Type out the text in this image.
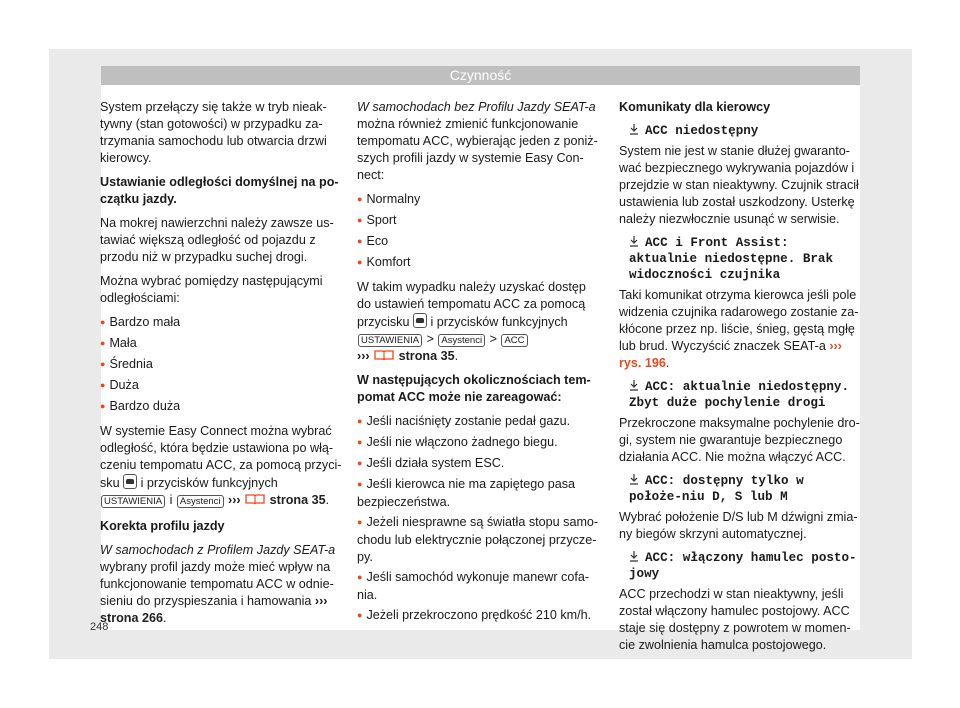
Czynność

System przełączy się także w tryb nieak-tywny (stan gotowości) w przypadku za-trzymania samochodu lub otwarcia drzwi kierowcy.

Ustawianie odległości domyślnej na po-czątku jazdy.

Na mokrej nawierzchni należy zawsze us-tawiać większą odległość od pojazdu z przodu niż w przypadku suchej drogi.

Można wybrać pomiędzy następującymi odległościami:

● Bardzo mała

● Mała

● Średnia

● Duża

● Bardzo duża

W systemie Easy Connect można wybrać odległość, która będzie ustawiona po włą-czeniu tempomatu ACC, za pomocą przyci-sku i przycisków funkcyjnych USTAWIENIA i Asystenci ››› strona 35.

Korekta profilu jazdy

W samochodach z Profilem Jazdy SEAT-a wybrany profil jazdy może mieć wpływ na funkcjonowanie tempomatu ACC w odnie-sieniu do przyspieszania i hamowania ››› strona 266.

W samochodach bez Profilu Jazdy SEAT-a można również zmienić funkcjonowanie tempomatu ACC, wybierając jeden z poniż-szych profili jazdy w systemie Easy Con-nect:

● Normalny

● Sport

● Eco

● Komfort

W takim wypadku należy uzyskać dostęp do ustawień tempomatu ACC za pomocą przycisku i przycisków funkcyjnych USTAWIENIA > Asystenci > ACC
››› strona 35.

W następujących okolicznościach tem-pomat ACC może nie zareagować:

● Jeśli naciśnięty zostanie pedał gazu.

● Jeśli nie włączono żadnego biegu.

● Jeśli działa system ESC.

● Jeśli kierowca nie ma zapiętego pasa bezpieczeństwa.

● Jeżeli niesprawne są światła stopu samo-chodu lub elektrycznie połączonej przycze-py.

● Jeśli samochód wykonuje manewr cofa-nia.

● Jeżeli przekroczono prędkość 210 km/h.

Komunikaty dla kierowcy

ACC niedostępny

System nie jest w stanie dłużej gwaranto-wać bezpiecznego wykrywania pojazdów i przejdzie w stan nieaktywny. Czujnik stracił ustawienia lub został uszkodzony. Usterkę należy niezwłocznie usunąć w serwisie.

ACC i Front Assist: aktualnie niedostępne. Brak widoczności czujnika

Taki komunikat otrzyma kierowca jeśli pole widzenia czujnika radarowego zostanie za-kłócone przez np. liście, śnieg, gęstą mgłę lub brud. Wyczyścić znaczek SEAT-a ››› rys. 196.

ACC: aktualnie niedostępny. Zbyt duże pochylenie drogi

Przekroczone maksymalne pochylenie dro-gi, system nie gwarantuje bezpiecznego działania ACC. Nie można włączyć ACC.

ACC: dostępny tylko w położe-niu D, S lub M

Wybrać położenie D/S lub M dźwigni zmia-ny biegów skrzyni automatycznej.

ACC: włączony hamulec posto-jowy

ACC przechodzi w stan nieaktywny, jeśli został włączony hamulec postojowy. ACC staje się dostępny z powrotem w momen-cie zwolnienia hamulca postojowego.

248
